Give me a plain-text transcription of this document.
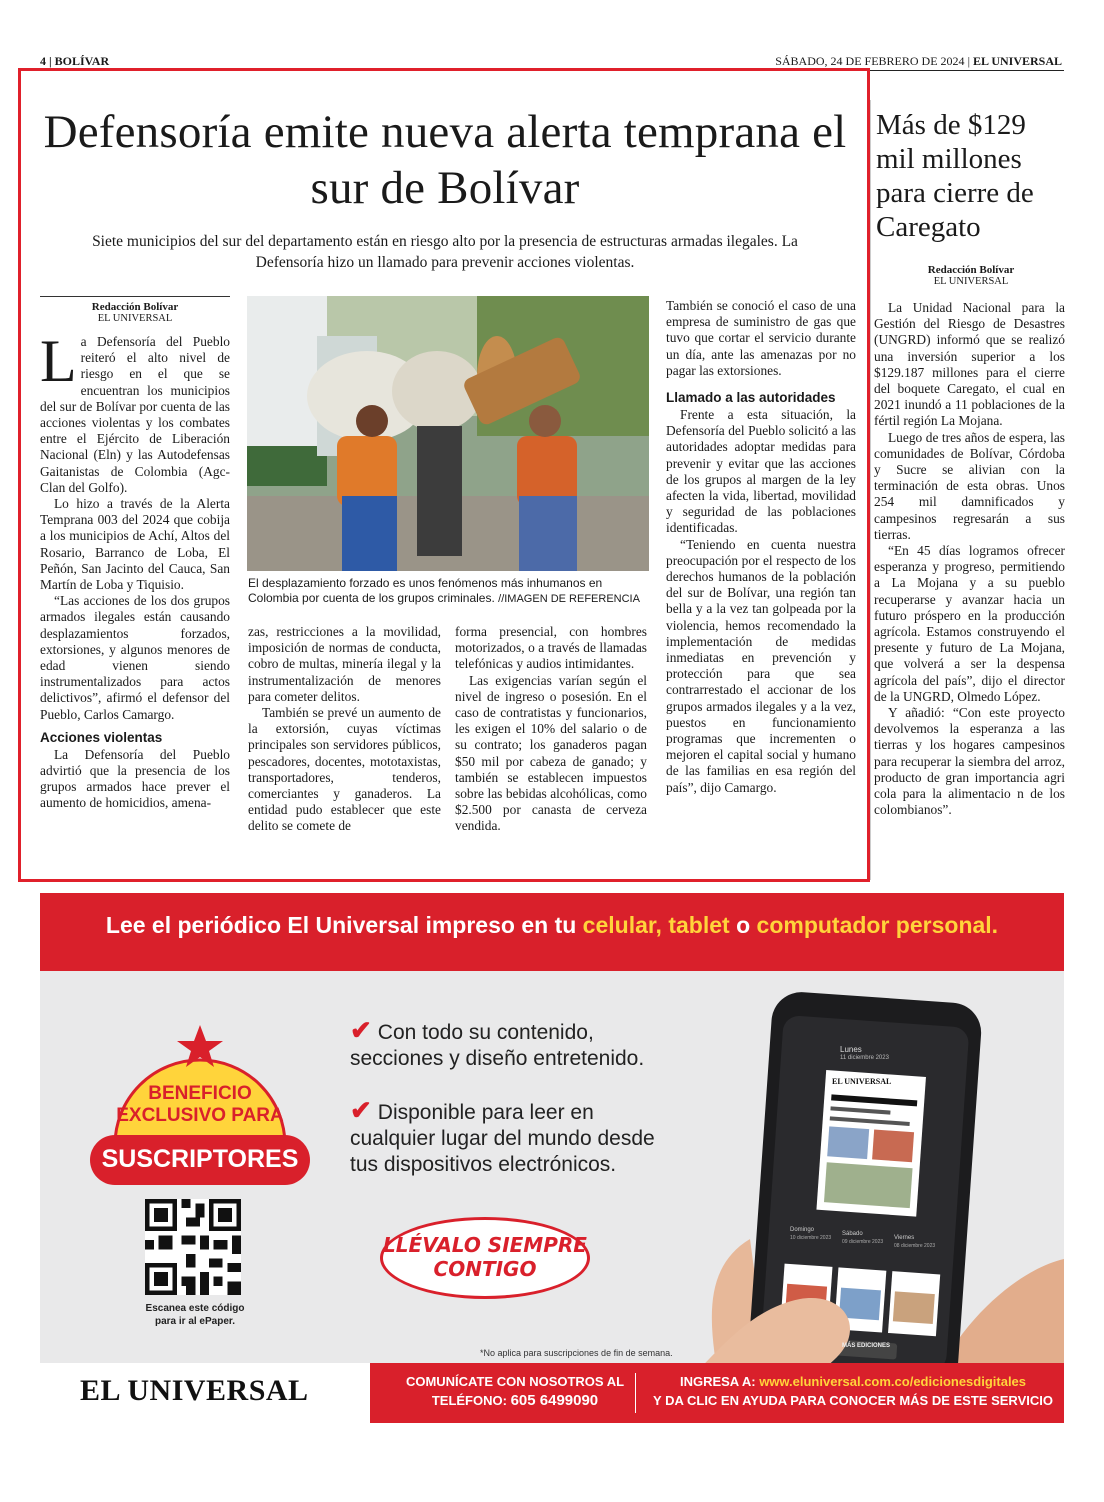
4 | BOLÍVAR	SÁBADO, 24 DE FEBRERO DE 2024 | EL UNIVERSAL
Defensoría emite nueva alerta temprana el sur de Bolívar

Siete municipios del sur del departamento están en riesgo alto por la presencia de estructuras armadas ilegales. La Defensoría hizo un llamado para prevenir acciones violentas.

Redacción Bolívar
EL UNIVERSAL

La Defensoría del Pueblo reiteró el alto nivel de riesgo en el que se encuentran los municipios del sur de Bolívar por cuenta de las acciones violentas y los combates entre el Ejército de Liberación Nacional (Eln) y las Autodefensas Gaitanistas de Colombia (Agc-Clan del Golfo).

Lo hizo a través de la Alerta Temprana 003 del 2024 que cobija a los municipios de Achí, Altos del Rosario, Barranco de Loba, El Peñón, San Jacinto del Cauca, San Martín de Loba y Tiquisio.

“Las acciones de los dos grupos armados ilegales están causando desplazamientos forzados, extorsiones, y algunos menores de edad vienen siendo instrumentalizados para actos delictivos”, afirmó el defensor del Pueblo, Carlos Camargo.

Acciones violentas

La Defensoría del Pueblo advirtió que la presencia de los grupos armados hace prever el aumento de homicidios, amena-

El desplazamiento forzado es unos fenómenos más inhumanos en Colombia por cuenta de los grupos criminales. //IMAGEN DE REFERENCIA

zas, restricciones a la movilidad, imposición de normas de conducta, cobro de multas, minería ilegal y la instrumentalización de menores para cometer delitos.

También se prevé un aumento de la extorsión, cuyas víctimas principales son servidores públicos, pescadores, docentes, mototaxistas, transportadores, tenderos, comerciantes y ganaderos. La entidad pudo establecer que este delito se comete de

forma presencial, con hombres motorizados, o a través de llamadas telefónicas y audios intimidantes.

Las exigencias varían según el nivel de ingreso o posesión. En el caso de contratistas y funcionarios, les exigen el 10% del salario o de su contrato; los ganaderos pagan $50 mil por cabeza de ganado; y también se establecen impuestos sobre las bebidas alcohólicas, como $2.500 por canasta de cerveza vendida.

También se conoció el caso de una empresa de suministro de gas que tuvo que cortar el servicio durante un día, ante las amenazas por no pagar las extorsiones.

Llamado a las autoridades

Frente a esta situación, la Defensoría del Pueblo solicitó a las autoridades adoptar medidas para prevenir y evitar que las acciones de los grupos al margen de la ley afecten la vida, libertad, movilidad y seguridad de las poblaciones identificadas.

“Teniendo en cuenta nuestra preocupación por el respecto de los derechos humanos de la población del sur de Bolívar, una región tan bella y a la vez tan golpeada por la violencia, hemos recomendado la implementación de medidas inmediatas en prevención y protección para que sea contrarrestado el accionar de los grupos armados ilegales y a la vez, puestos en funcionamiento programas que incrementen o mejoren el capital social y humano de las familias en esa región del país”, dijo Camargo.

Más de $129 mil millones para cierre de Caregato
Redacción Bolívar
EL UNIVERSAL

La Unidad Nacional para la Gestión del Riesgo de Desastres (UNGRD) informó que se realizó una inversión superior a los $129.187 millones para el cierre del boquete Caregato, el cual en 2021 inundó a 11 poblaciones de la fértil región La Mojana.

Luego de tres años de espera, las comunidades de Bolívar, Córdoba y Sucre se alivian con la terminación de esta obras. Unos 254 mil damnificados y campesinos regresarán a sus tierras.

“En 45 días logramos ofrecer esperanza y progreso, permitiendo a La Mojana y a su pueblo recuperarse y avanzar hacia un futuro próspero en la producción agrícola. Estamos construyendo el presente y futuro de La Mojana, que volverá a ser la despensa agrícola del país”, dijo el director de la UNGRD, Olmedo López.

Y añadió: “Con este proyecto devolvemos la esperanza a las tierras y los hogares campesinos para recuperar la siembra del arroz, producto de gran importancia agri cola para la alimentacio n de los colombianos”.

Lee el periódico El Universal impreso en tu celular, tablet o computador personal.
BENEFICIO
EXCLUSIVO PARA
SUSCRIPTORES
✔ Con todo su contenido, secciones y diseño entretenido.
✔ Disponible para leer en cualquier lugar del mundo desde tus dispositivos electrónicos.
Escanea este código para ir al ePaper.
LLÉVALO SIEMPRE CONTIGO
Lunes
11 diciembre 2023
EL UNIVERSAL
Domingo
10 diciembre 2023
Sábado
09 diciembre 2023
Viernes
08 diciembre 2023
MÁS EDICIONES
*No aplica para suscripciones de fin de semana.
EL UNIVERSAL	COMUNÍCATE CON NOSOTROS AL
TELÉFONO: 605 6499090
INGRESA A: www.eluniversal.com.co/edicionesdigitales
Y DA CLIC EN AYUDA PARA CONOCER MÁS DE ESTE SERVICIO
